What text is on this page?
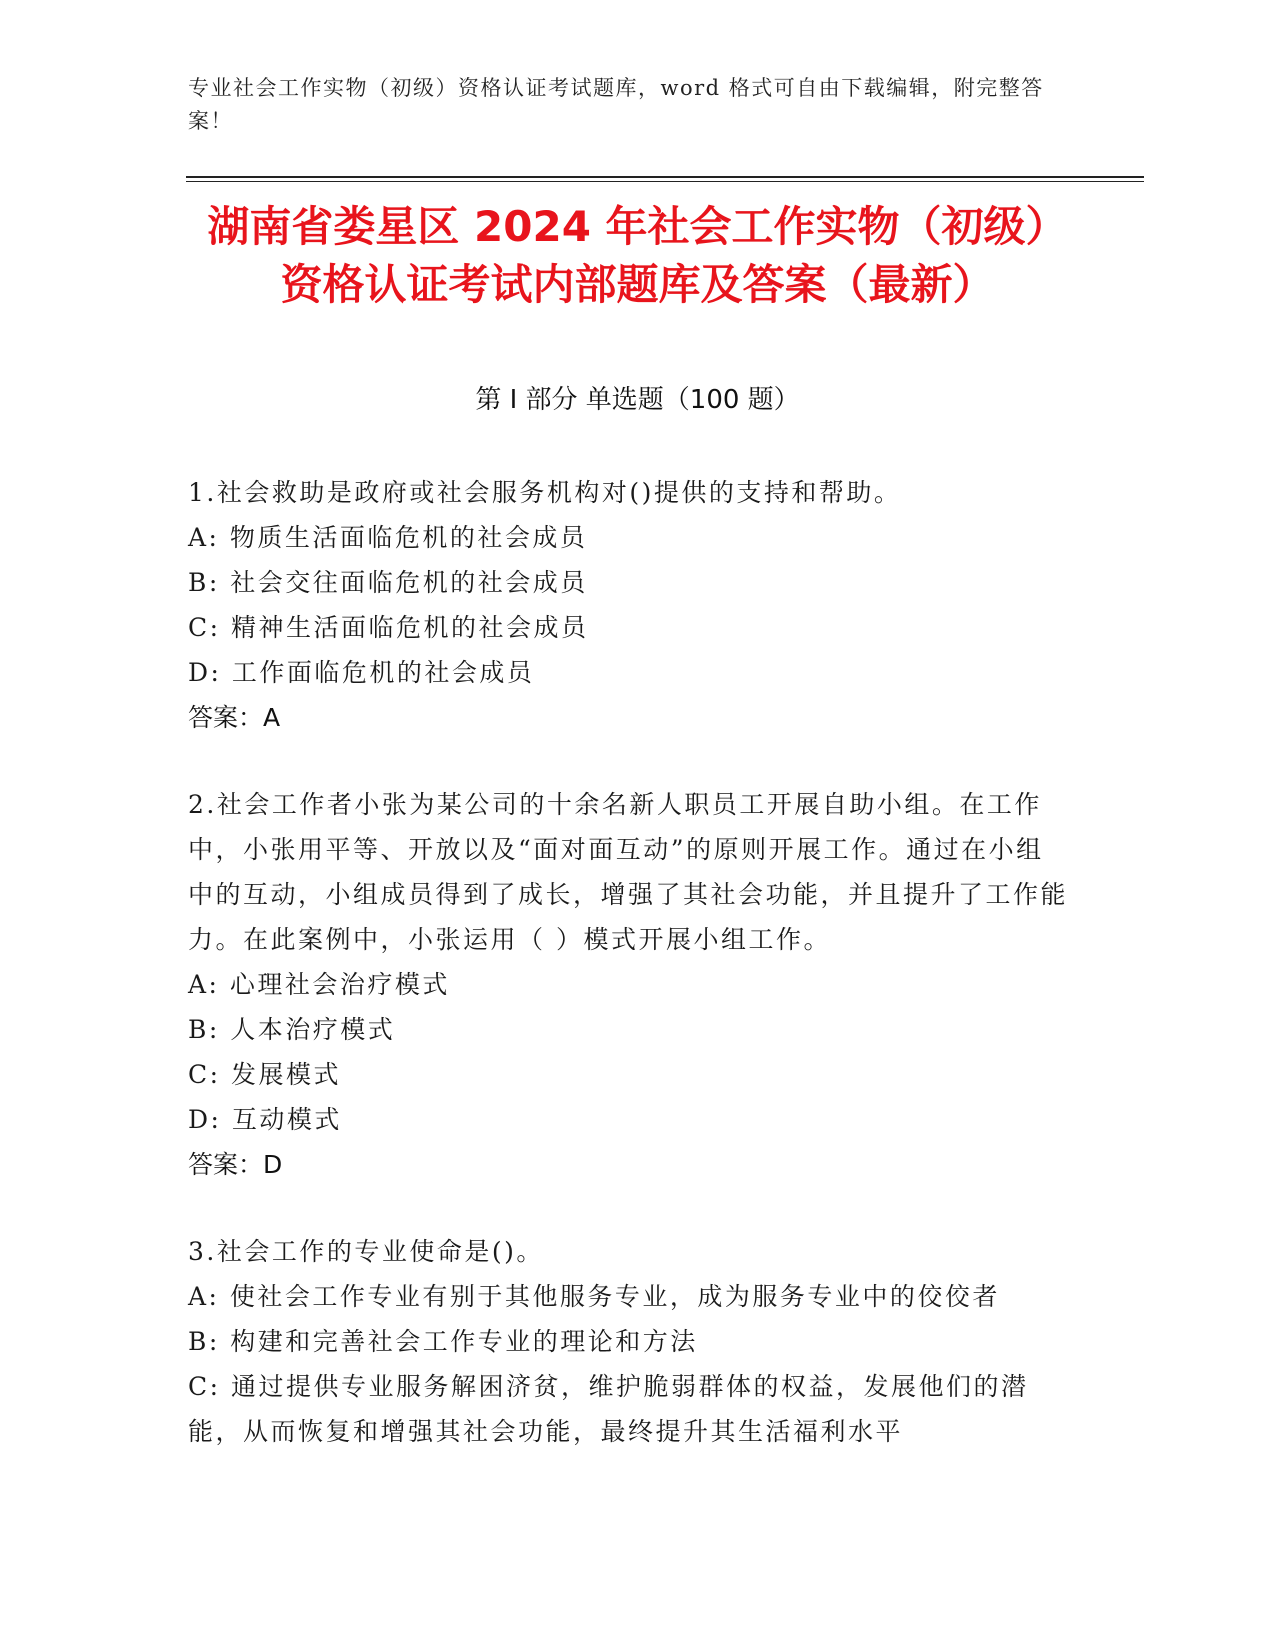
专业社会工作实物（初级）资格认证考试题库，word 格式可自由下载编辑，附完整答案！
湖南省娄星区 2024 年社会工作实物（初级）
资格认证考试内部题库及答案（最新）
第 I 部分 单选题（100 题）
1.社会救助是政府或社会服务机构对()提供的支持和帮助。
A: 物质生活面临危机的社会成员
B: 社会交往面临危机的社会成员
C: 精神生活面临危机的社会成员
D: 工作面临危机的社会成员
答案：A
2.社会工作者小张为某公司的十余名新人职员工开展自助小组。在工作中，小张用平等、开放以及“面对面互动”的原则开展工作。通过在小组中的互动，小组成员得到了成长，增强了其社会功能，并且提升了工作能力。在此案例中，小张运用（ ）模式开展小组工作。
A: 心理社会治疗模式
B: 人本治疗模式
C: 发展模式
D: 互动模式
答案：D
3.社会工作的专业使命是()。
A: 使社会工作专业有别于其他服务专业，成为服务专业中的佼佼者
B: 构建和完善社会工作专业的理论和方法
C: 通过提供专业服务解困济贫，维护脆弱群体的权益，发展他们的潜能，从而恢复和增强其社会功能，最终提升其生活福利水平
